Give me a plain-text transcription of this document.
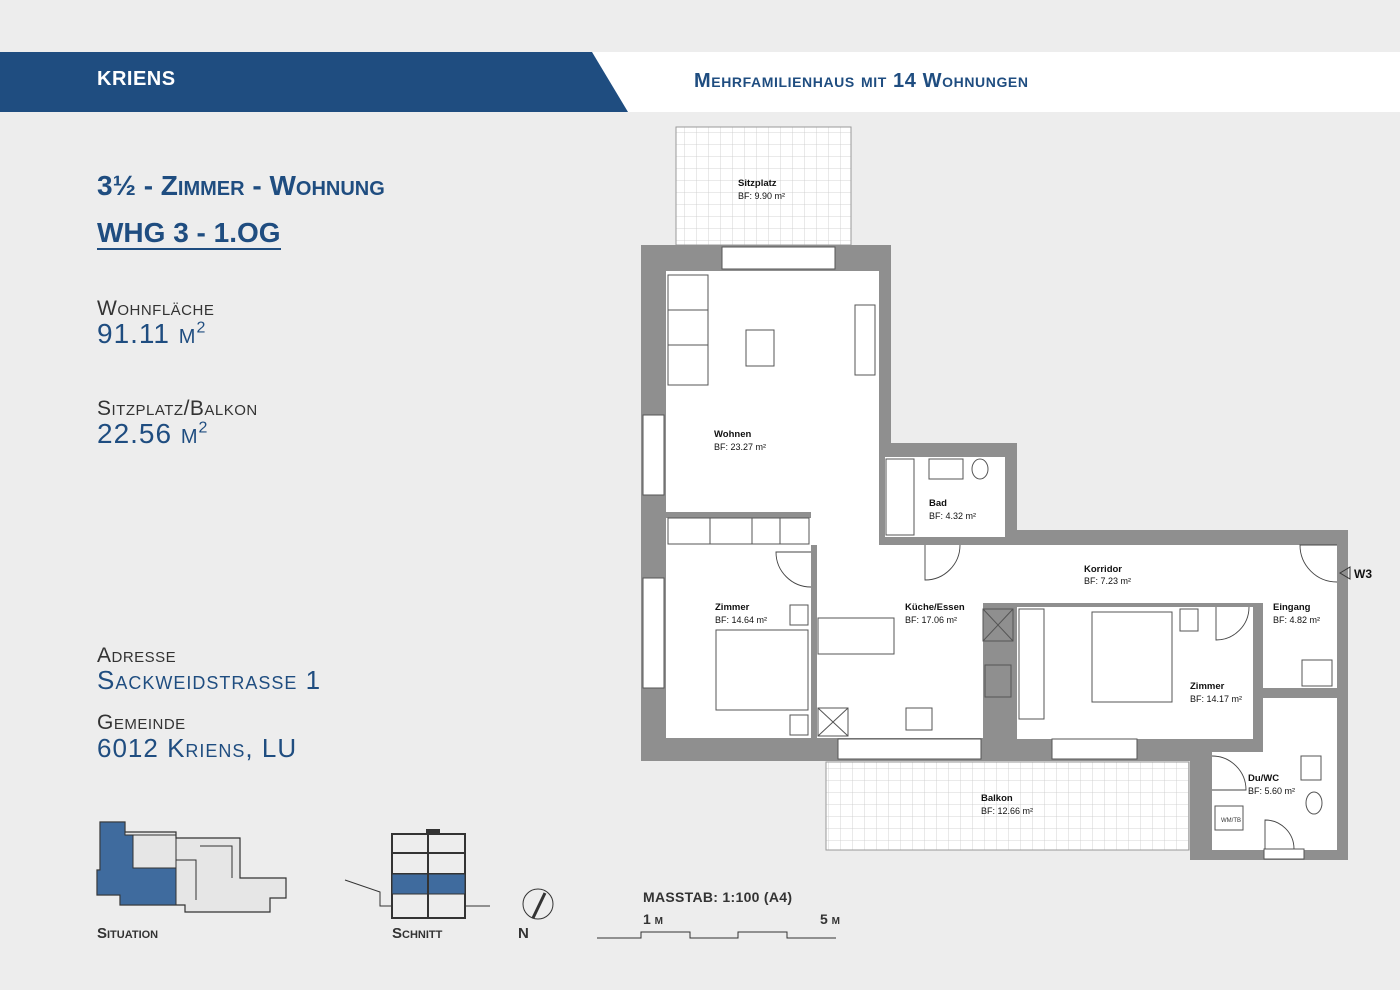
KRIENS	Mehrfamilienhaus mit 14 Wohnungen
3½ - Zimmer - Wohnung
WHG 3 - 1.OG
Wohnfläche
91.11 $m^2$
Sitzplatz/Balkon
22.56 $m^2$
Adresse
Sackweidstrasse 1
Gemeinde
6012 Kriens, LU
Sitzplatz
BF: 9.90 m²
Wohnen
BF: 23.27 m²
Bad
BF: 4.32 m²
Korridor
BF: 7.23 m²
Zimmer
BF: 14.64 m²
Küche/Essen
BF: 17.06 m²
Eingang
BF: 4.82 m²
Zimmer
BF: 14.17 m²
Du/WC
BF: 5.60 m²
Balkon
BF: 12.66 m²
WM/TB
W3
Situation	Schnitt	N
MASSTAB: 1:100 (A4)
1 m	5 m
